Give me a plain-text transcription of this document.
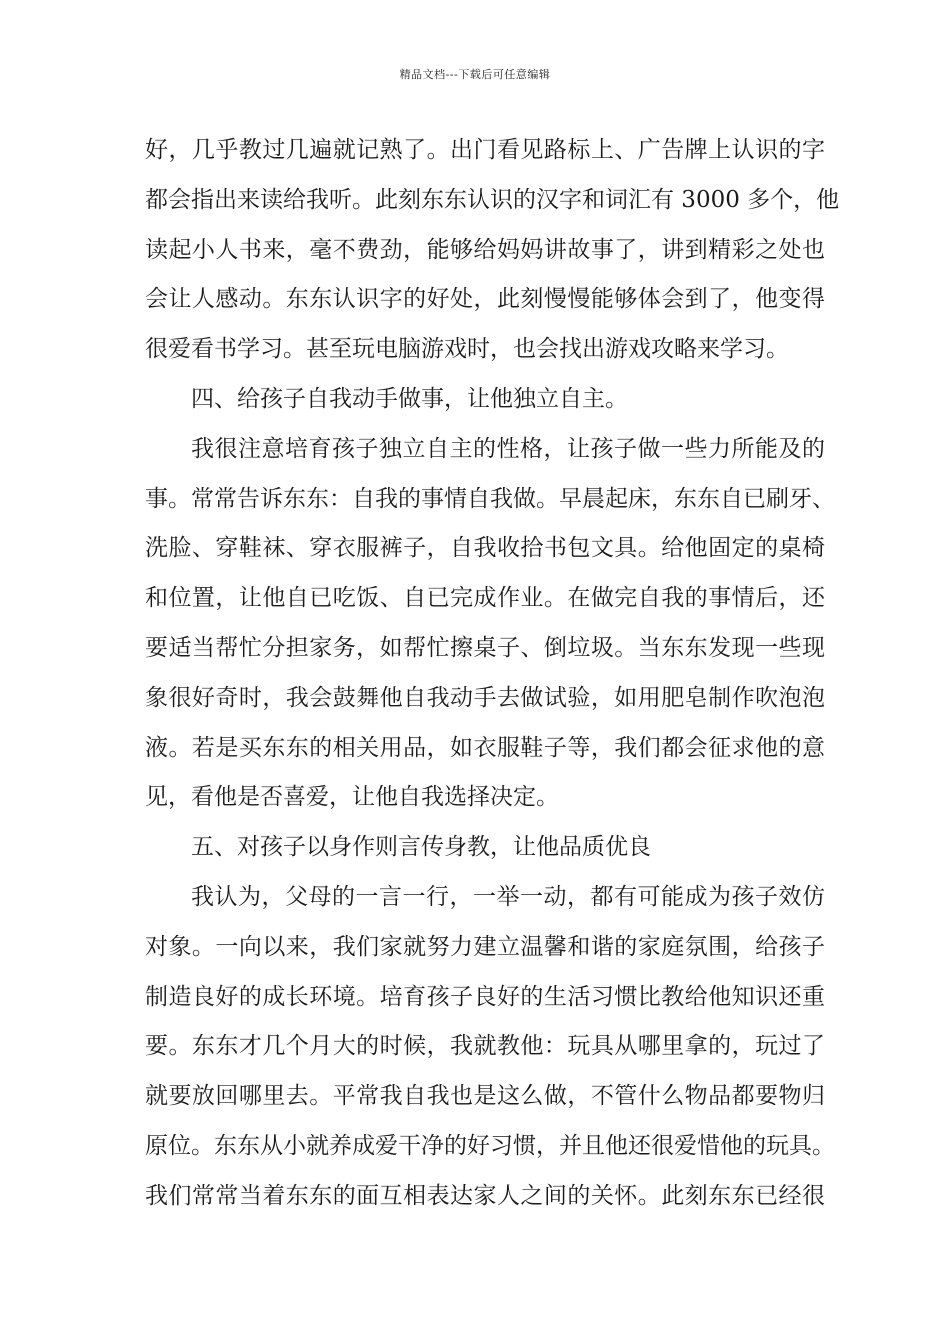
精品文档---下载后可任意编辑
好，几乎教过几遍就记熟了。出门看见路标上、广告牌上认识的字
都会指出来读给我听。此刻东东认识的汉字和词汇有 3000 多个，他
读起小人书来，毫不费劲，能够给妈妈讲故事了，讲到精彩之处也
会让人感动。东东认识字的好处，此刻慢慢能够体会到了，他变得
很爱看书学习。甚至玩电脑游戏时，也会找出游戏攻略来学习。
四、给孩子自我动手做事，让他独立自主。
我很注意培育孩子独立自主的性格，让孩子做一些力所能及的
事。常常告诉东东：自我的事情自我做。早晨起床，东东自已刷牙、
洗脸、穿鞋袜、穿衣服裤子，自我收拾书包文具。给他固定的桌椅
和位置，让他自已吃饭、自已完成作业。在做完自我的事情后，还
要适当帮忙分担家务，如帮忙擦桌子、倒垃圾。当东东发现一些现
象很好奇时，我会鼓舞他自我动手去做试验，如用肥皂制作吹泡泡
液。若是买东东的相关用品，如衣服鞋子等，我们都会征求他的意
见，看他是否喜爱，让他自我选择决定。
五、对孩子以身作则言传身教，让他品质优良
我认为，父母的一言一行，一举一动，都有可能成为孩子效仿
对象。一向以来，我们家就努力建立温馨和谐的家庭氛围，给孩子
制造良好的成长环境。培育孩子良好的生活习惯比教给他知识还重
要。东东才几个月大的时候，我就教他：玩具从哪里拿的，玩过了
就要放回哪里去。平常我自我也是这么做，不管什么物品都要物归
原位。东东从小就养成爱干净的好习惯，并且他还很爱惜他的玩具。
我们常常当着东东的面互相表达家人之间的关怀。此刻东东已经很
